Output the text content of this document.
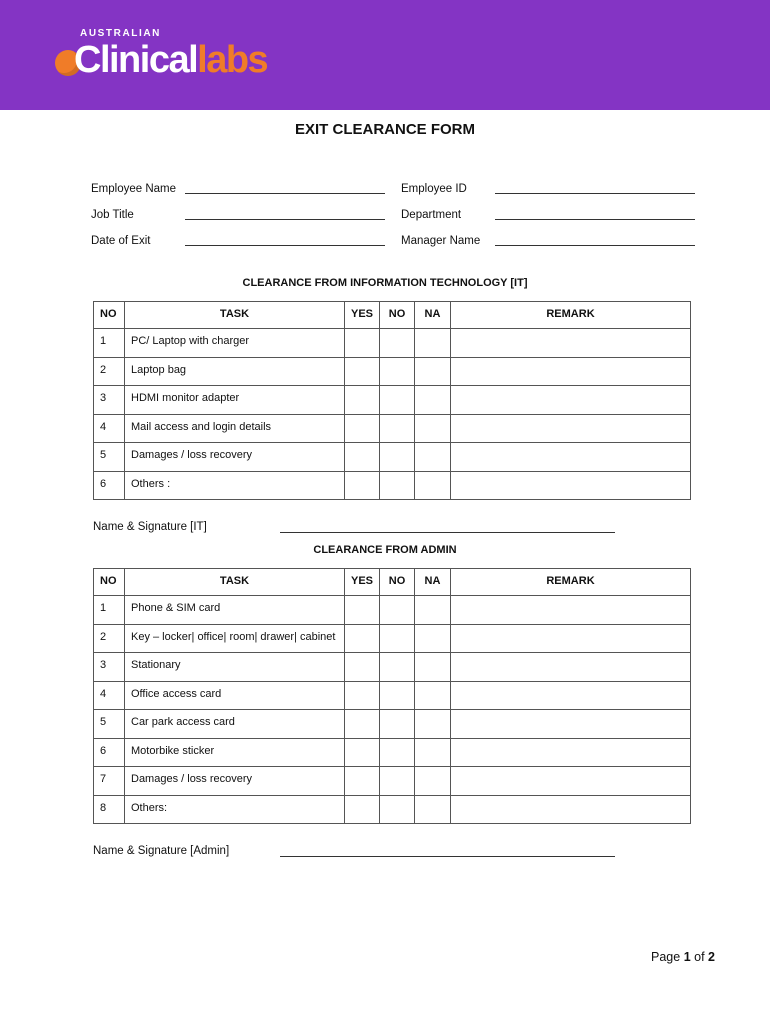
AUSTRALIAN
Clinicallabs
EXIT CLEARANCE FORM
Employee Name	Employee ID
Job Title	Department
Date of Exit	Manager Name
CLEARANCE FROM INFORMATION TECHNOLOGY [IT]
NO	TASK	YES	NO	NA	REMARK
1	PC/ Laptop with charger				
2	Laptop bag				
3	HDMI monitor adapter				
4	Mail access and login details				
5	Damages / loss recovery				
6	Others :				
Name & Signature [IT]
CLEARANCE FROM ADMIN
NO	TASK	YES	NO	NA	REMARK
1	Phone & SIM card				
2	Key – locker| office| room| drawer| cabinet				
3	Stationary				
4	Office access card				
5	Car park access card				
6	Motorbike sticker				
7	Damages / loss recovery				
8	Others:				
Name & Signature [Admin]
Page 1 of 2
